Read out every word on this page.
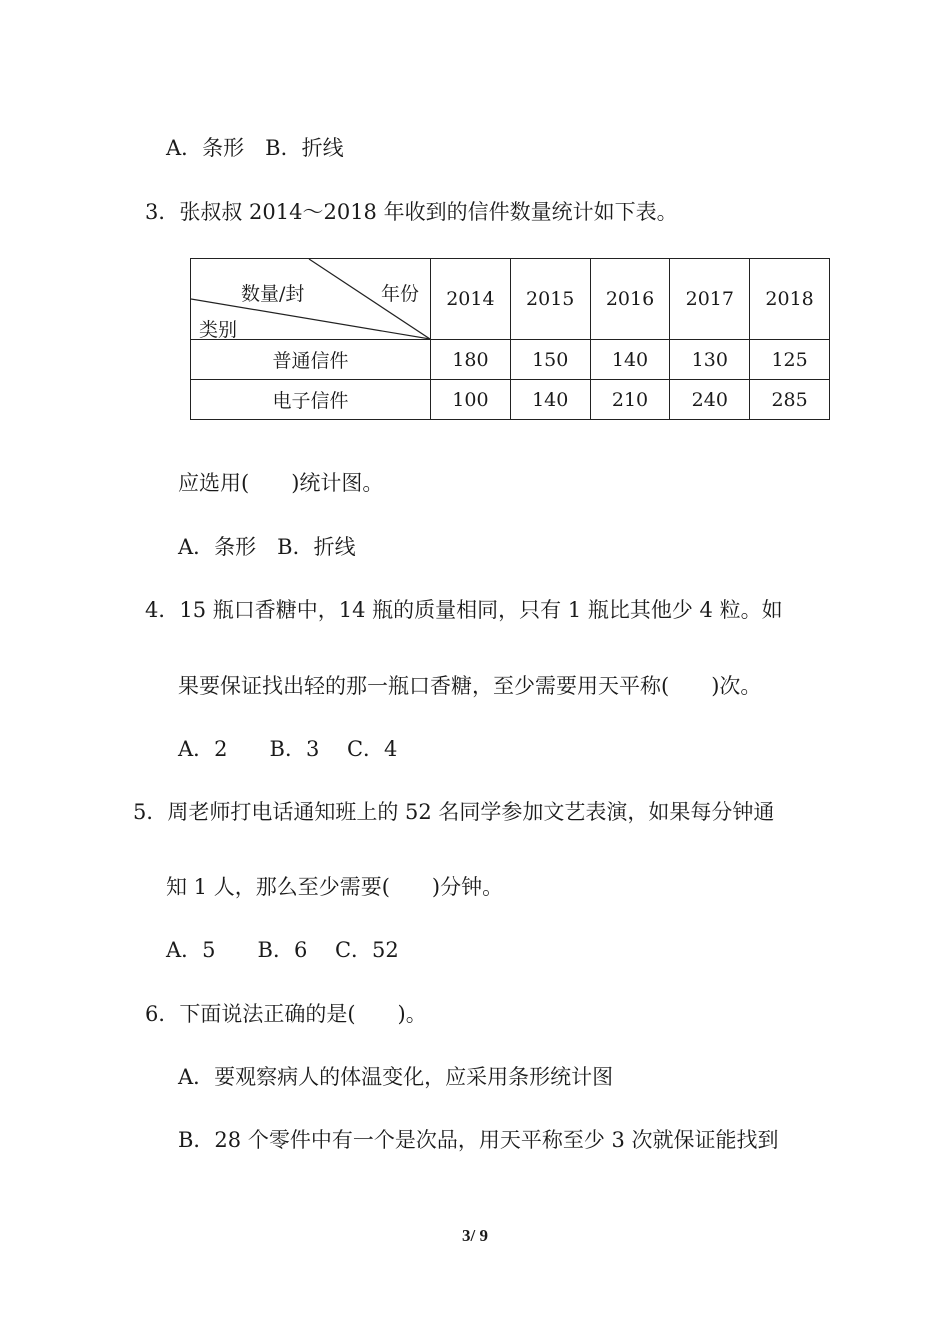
A．条形　B．折线
3．张叔叔 2014～2018 年收到的信件数量统计如下表。
数量/封 年份
类别	2014	2015	2016	2017	2018
普通信件	180	150	140	130	125
电子信件	100	140	210	240	285
应选用(　　)统计图。
A．条形　B．折线
4．15 瓶口香糖中，14 瓶的质量相同，只有 1 瓶比其他少 4 粒。如
果要保证找出轻的那一瓶口香糖，至少需要用天平称(　　)次。
A．2　　B．3　 C．4
5．周老师打电话通知班上的 52 名同学参加文艺表演，如果每分钟通
知 1 人，那么至少需要(　　)分钟。
A．5　　B．6　 C．52
6．下面说法正确的是(　　)。
A．要观察病人的体温变化，应采用条形统计图
B．28 个零件中有一个是次品，用天平称至少 3 次就保证能找到
3/ 9
